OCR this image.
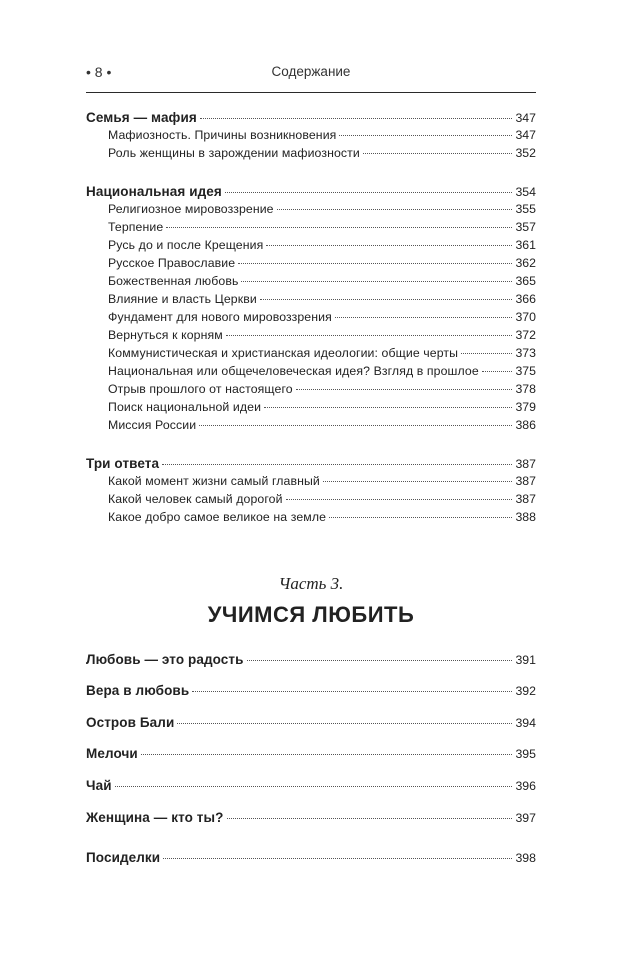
• 8 •	Содержание
Семья — мафия	347
Мафиозность. Причины возникновения	347
Роль женщины в зарождении мафиозности	352
Национальная идея	354
Религиозное мировоззрение	355
Терпение	357
Русь до и после Крещения	361
Русское Православие	362
Божественная любовь	365
Влияние и власть Церкви	366
Фундамент для нового мировоззрения	370
Вернуться к корням	372
Коммунистическая и христианская идеологии: общие черты	373
Национальная или общечеловеческая идея? Взгляд в прошлое	375
Отрыв прошлого от настоящего	378
Поиск национальной идеи	379
Миссия России	386
Три ответа	387
Какой момент жизни самый главный	387
Какой человек самый дорогой	387
Какое добро самое великое на земле	388
Часть 3.
УЧИМСЯ ЛЮБИТЬ
Любовь — это радость	391
Вера в любовь	392
Остров Бали	394
Мелочи	395
Чай	396
Женщина — кто ты?	397
Посиделки	398
